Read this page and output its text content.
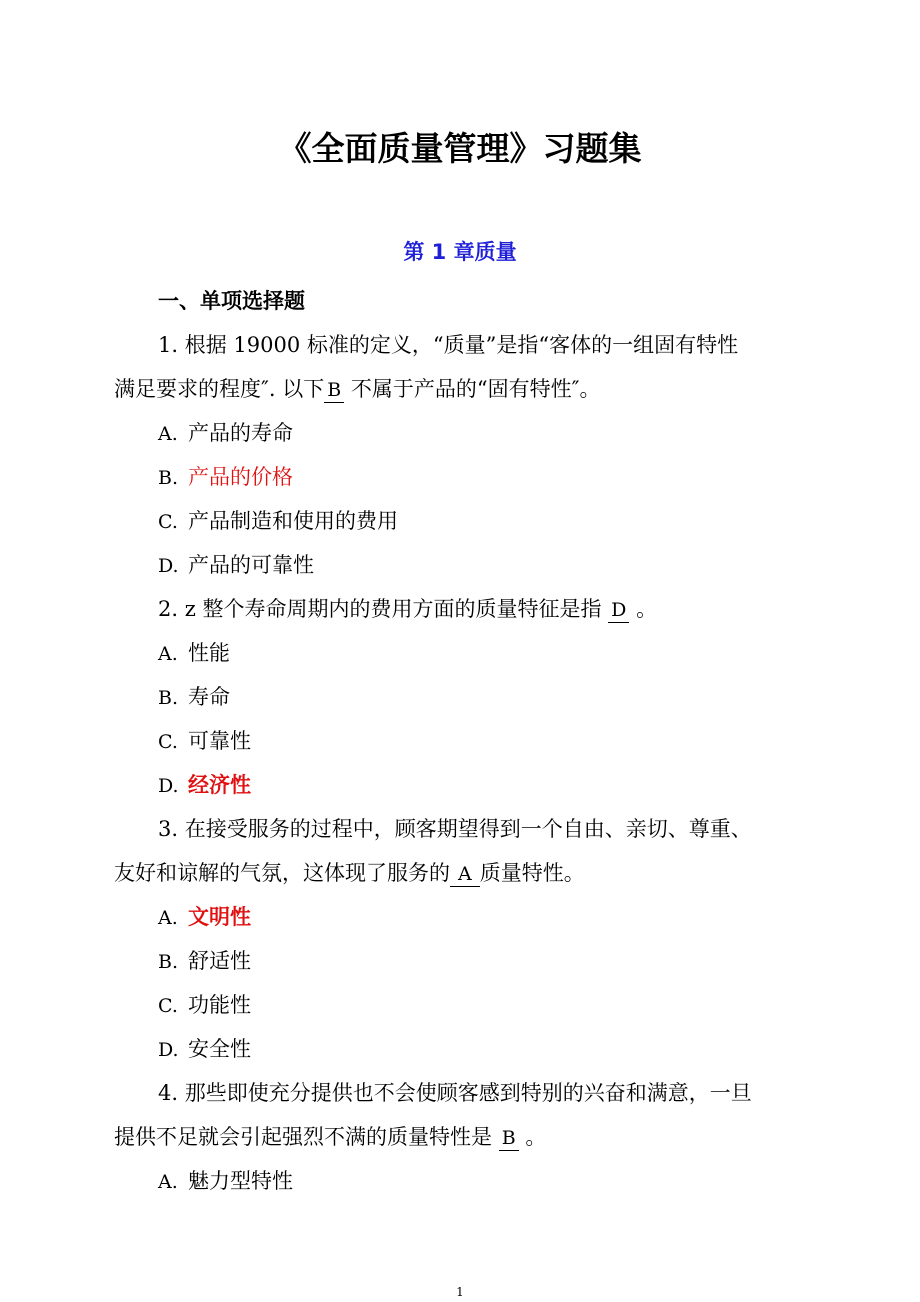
《全面质量管理》习题集
第 1 章质量
一、单项选择题
1. 根据 19000 标准的定义，“质量”是指“客体的一组固有特性
满足要求的程度″. 以下 B 不属于产品的“固有特性″。
A. 产品的寿命
B. 产品的价格
C. 产品制造和使用的费用
D. 产品的可靠性
2. z 整个寿命周期内的费用方面的质量特征是指 D 。
A. 性能
B. 寿命
C. 可靠性
D. 经济性
3. 在接受服务的过程中，顾客期望得到一个自由、亲切、尊重、
友好和谅解的气氛，这体现了服务的 A 质量特性。
A. 文明性
B. 舒适性
C. 功能性
D. 安全性
4. 那些即使充分提供也不会使顾客感到特别的兴奋和满意，一旦
提供不足就会引起强烈不满的质量特性是 B 。
A. 魅力型特性
1
